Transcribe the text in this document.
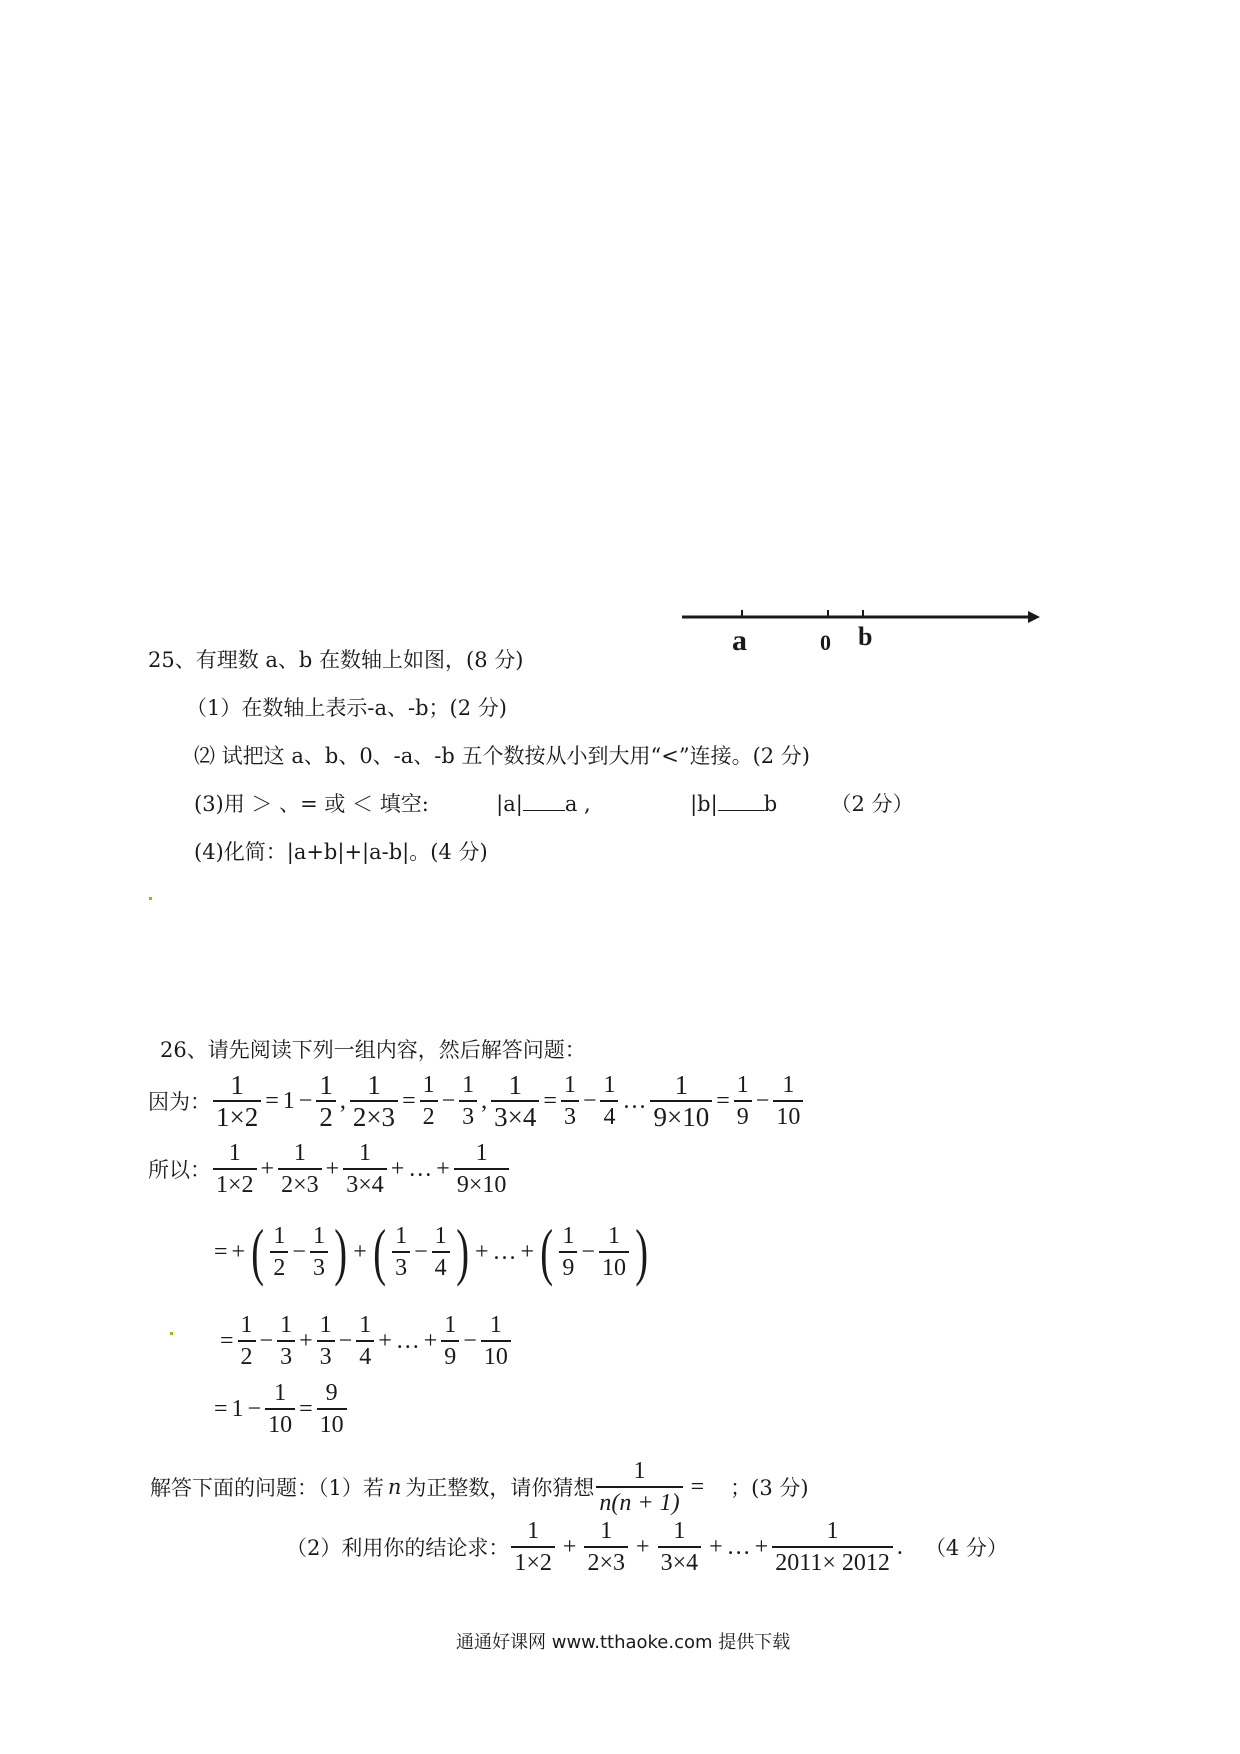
a	0 b
25、有理数 a、b 在数轴上如图，(8 分)
（1）在数轴上表示-a、-b；(2 分)
⑵ 试把这 a、b、0、-a、-b 五个数按从小到大用“<”连接。(2 分)
(3)用 ＞ 、= 或 ＜ 填空:	|a| a ,	|b| b	（2 分）
(4)化简：|a+b|+|a-b|。(4 分)
26、请先阅读下列一组内容，然后解答问题：
因为： $\frac{1}{1\times 2} = 1 - \frac{1}{2}$ , $\frac{1}{2\times 3} = \frac{1}{2} - \frac{1}{3}$ , $\frac{1}{3\times 4} = \frac{1}{3} - \frac{1}{4}$ … $\frac{1}{9\times 10} = \frac{1}{9} - \frac{1}{10}$
所以： $\frac{1}{1\times 2} + \frac{1}{2\times 3} + \frac{1}{3\times 4}$ + … + $\frac{1}{9\times 10}$
= + ( $\frac{1}{2} - \frac{1}{3}$ ) + ( $\frac{1}{3} - \frac{1}{4}$ ) + … + ( $\frac{1}{9} - \frac{1}{10}$ )
= $\frac{1}{2} - \frac{1}{3} + \frac{1}{3} - \frac{1}{4}$ + … + $\frac{1}{9} - \frac{1}{10}$
= $1 - \frac{1}{10} = \frac{9}{10}$
解答下面的问题：（1）若 n 为正整数，请你猜想 $\frac{1}{n(n + 1)}$ = ；(3 分)
（2）利用你的结论求： $\frac{1}{1\times 2} + \frac{1}{2\times 3} + \frac{1}{3\times 4}$ + … + $\frac{1}{2011\times 2012}$ . （4 分）
通通好课网 www.tthaoke.com 提供下载
